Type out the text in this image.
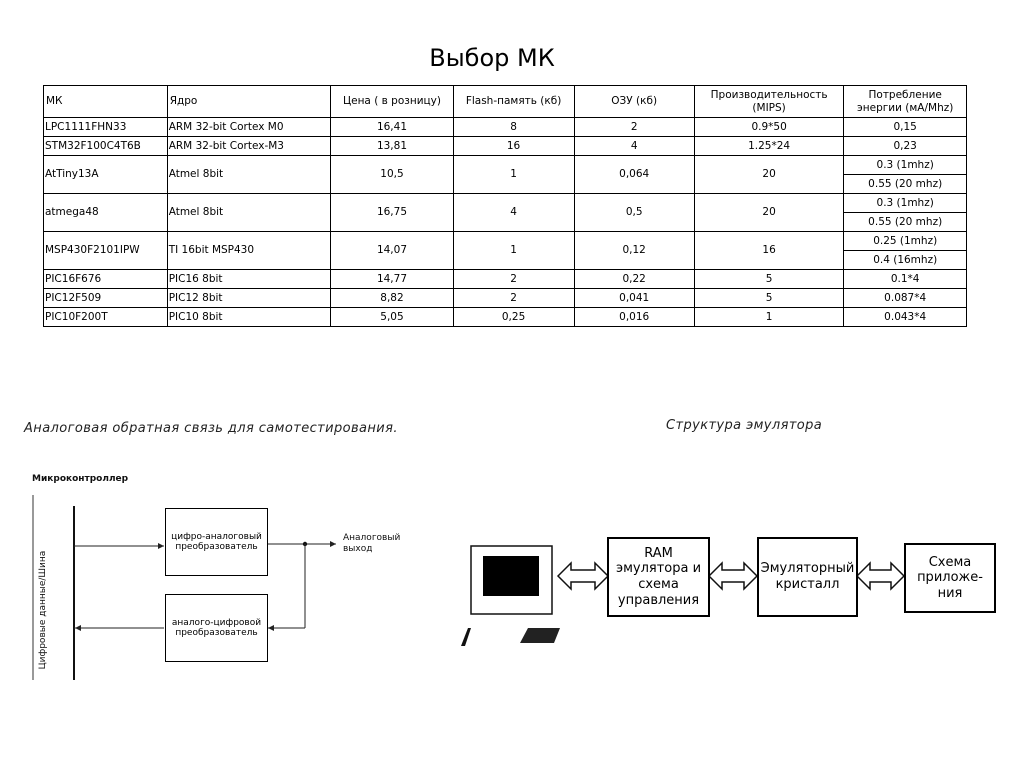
Выбор МК
МК	Ядро	Цена ( в розницу)	Flash-память (кб)	ОЗУ (кб)	Производительность (MIPS)	Потребление энергии (мА/Mhz)
LPC1111FHN33	ARM 32-bit Cortex M0	16,41	8	2	0.9*50	0,15
STM32F100C4T6B	ARM 32-bit Cortex-M3	13,81	16	4	1.25*24	0,23
AtTiny13A	Atmel 8bit	10,5	1	0,064	20	0.3 (1mhz)
						0.55 (20 mhz)
atmega48	Atmel 8bit	16,75	4	0,5	20	0.3 (1mhz)
						0.55 (20 mhz)
MSP430F2101IPW	TI 16bit MSP430	14,07	1	0,12	16	0.25 (1mhz)
						0.4 (16mhz)
PIC16F676	PIC16 8bit	14,77	2	0,22	5	0.1*4
PIC12F509	PIC12 8bit	8,82	2	0,041	5	0.087*4
PIC10F200T	PIC10 8bit	5,05	0,25	0,016	1	0.043*4
Аналоговая обратная связь для самотестирования.
Микроконтроллер
Цифровые данные/Шина
цифро-аналоговый преобразователь
аналого-цифровой преобразователь
Аналоговый выход
Структура эмулятора
RAM эмулятора и схема управления
Эмуляторный кристалл
Схема приложе- ния
